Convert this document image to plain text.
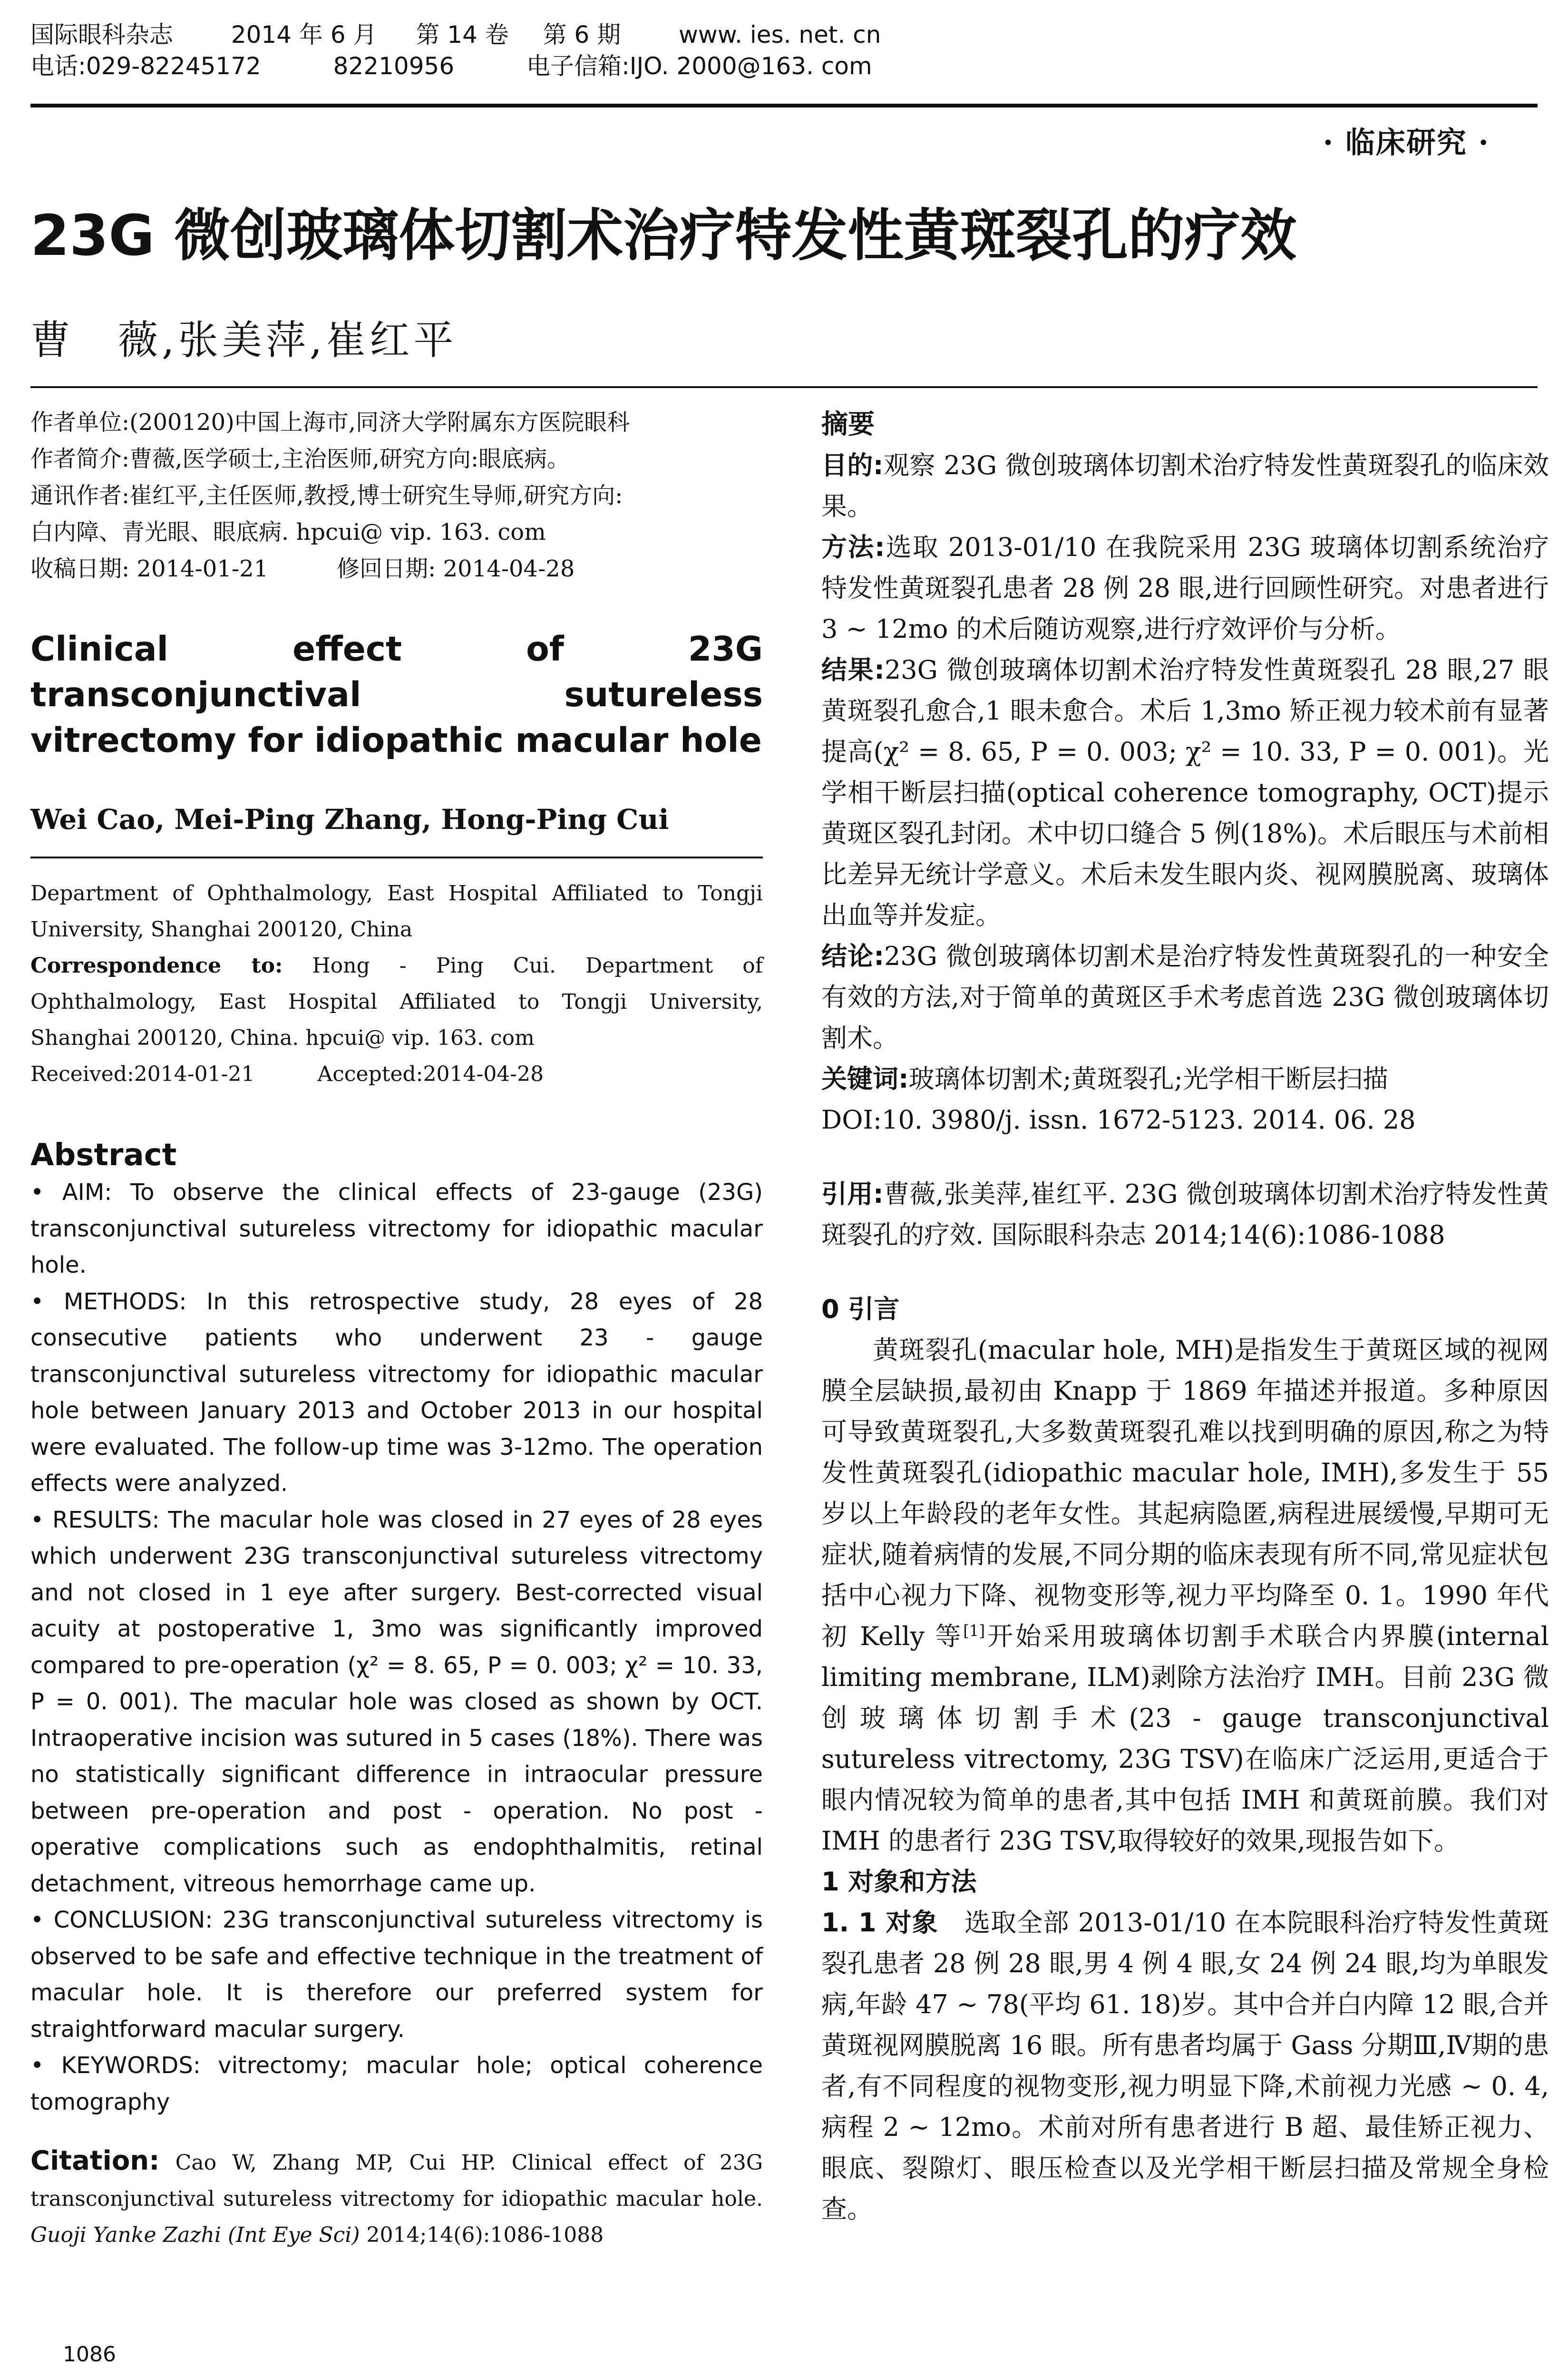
国际眼科杂志 2014 年 6 月 第 14 卷 第 6 期 www. ies. net. cn
电话:029-82245172	82210956	电子信箱:IJO. 2000@163. com
· 临床研究 ·
23G 微创玻璃体切割术治疗特发性黄斑裂孔的疗效
曹　薇,张美萍,崔红平

作者单位:(200120)中国上海市,同济大学附属东方医院眼科

作者简介:曹薇,医学硕士,主治医师,研究方向:眼底病。

通讯作者:崔红平,主任医师,教授,博士研究生导师,研究方向:

白内障、青光眼、眼底病. hpcui@ vip. 163. com

收稿日期: 2014-01-21　　　修回日期: 2014-04-28

Clinical effect of 23G transconjunctival sutureless vitrectomy for idiopathic macular hole
Wei Cao, Mei-Ping Zhang, Hong-Ping Cui

Department of Ophthalmology, East Hospital Affiliated to Tongji University, Shanghai 200120, China

Correspondence to: Hong - Ping Cui. Department of Ophthalmology, East Hospital Affiliated to Tongji University, Shanghai 200120, China. hpcui@ vip. 163. com

Received:2014-01-21　　　Accepted:2014-04-28

Abstract

• AIM: To observe the clinical effects of 23-gauge (23G) transconjunctival sutureless vitrectomy for idiopathic macular hole.

• METHODS: In this retrospective study, 28 eyes of 28 consecutive patients who underwent 23 - gauge transconjunctival sutureless vitrectomy for idiopathic macular hole between January 2013 and October 2013 in our hospital were evaluated. The follow-up time was 3-12mo. The operation effects were analyzed.

• RESULTS: The macular hole was closed in 27 eyes of 28 eyes which underwent 23G transconjunctival sutureless vitrectomy and not closed in 1 eye after surgery. Best-corrected visual acuity at postoperative 1, 3mo was significantly improved compared to pre-operation (χ² = 8. 65, P = 0. 003; χ² = 10. 33, P = 0. 001). The macular hole was closed as shown by OCT. Intraoperative incision was sutured in 5 cases (18%). There was no statistically significant difference in intraocular pressure between pre-operation and post - operation. No post - operative complications such as endophthalmitis, retinal detachment, vitreous hemorrhage came up.

• CONCLUSION: 23G transconjunctival sutureless vitrectomy is observed to be safe and effective technique in the treatment of macular hole. It is therefore our preferred system for straightforward macular surgery.

• KEYWORDS: vitrectomy; macular hole; optical coherence tomography

Citation: Cao W, Zhang MP, Cui HP. Clinical effect of 23G transconjunctival sutureless vitrectomy for idiopathic macular hole. Guoji Yanke Zazhi (Int Eye Sci) 2014;14(6):1086-1088
摘要

目的:观察 23G 微创玻璃体切割术治疗特发性黄斑裂孔的临床效果。

方法:选取 2013-01/10 在我院采用 23G 玻璃体切割系统治疗特发性黄斑裂孔患者 28 例 28 眼,进行回顾性研究。对患者进行 3 ~ 12mo 的术后随访观察,进行疗效评价与分析。

结果:23G 微创玻璃体切割术治疗特发性黄斑裂孔 28 眼,27 眼黄斑裂孔愈合,1 眼未愈合。术后 1,3mo 矫正视力较术前有显著提高(χ² = 8. 65, P = 0. 003; χ² = 10. 33, P = 0. 001)。光学相干断层扫描(optical coherence tomography, OCT)提示黄斑区裂孔封闭。术中切口缝合 5 例(18%)。术后眼压与术前相比差异无统计学意义。术后未发生眼内炎、视网膜脱离、玻璃体出血等并发症。

结论:23G 微创玻璃体切割术是治疗特发性黄斑裂孔的一种安全有效的方法,对于简单的黄斑区手术考虑首选 23G 微创玻璃体切割术。

关键词:玻璃体切割术;黄斑裂孔;光学相干断层扫描

DOI:10. 3980/j. issn. 1672-5123. 2014. 06. 28

引用:曹薇,张美萍,崔红平. 23G 微创玻璃体切割术治疗特发性黄斑裂孔的疗效. 国际眼科杂志 2014;14(6):1086-1088

0 引言

黄斑裂孔(macular hole, MH)是指发生于黄斑区域的视网膜全层缺损,最初由 Knapp 于 1869 年描述并报道。多种原因可导致黄斑裂孔,大多数黄斑裂孔难以找到明确的原因,称之为特发性黄斑裂孔(idiopathic macular hole, IMH),多发生于 55 岁以上年龄段的老年女性。其起病隐匿,病程进展缓慢,早期可无症状,随着病情的发展,不同分期的临床表现有所不同,常见症状包括中心视力下降、视物变形等,视力平均降至 0. 1。1990 年代初 Kelly 等[1]开始采用玻璃体切割手术联合内界膜(internal limiting membrane, ILM)剥除方法治疗 IMH。目前 23G 微创玻璃体切割手术(23 - gauge transconjunctival sutureless vitrectomy, 23G TSV)在临床广泛运用,更适合于眼内情况较为简单的患者,其中包括 IMH 和黄斑前膜。我们对 IMH 的患者行 23G TSV,取得较好的效果,现报告如下。

1 对象和方法

1. 1 对象　选取全部 2013-01/10 在本院眼科治疗特发性黄斑裂孔患者 28 例 28 眼,男 4 例 4 眼,女 24 例 24 眼,均为单眼发病,年龄 47 ~ 78(平均 61. 18)岁。其中合并白内障 12 眼,合并黄斑视网膜脱离 16 眼。所有患者均属于 Gass 分期Ⅲ,Ⅳ期的患者,有不同程度的视物变形,视力明显下降,术前视力光感 ~ 0. 4,病程 2 ~ 12mo。术前对所有患者进行 B 超、最佳矫正视力、眼底、裂隙灯、眼压检查以及光学相干断层扫描及常规全身检查。

1086
